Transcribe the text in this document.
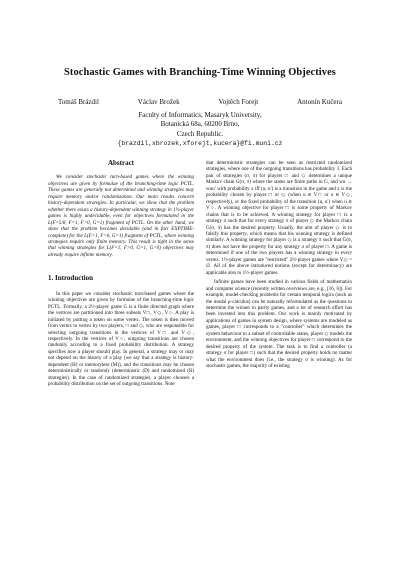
Stochastic Games with Branching-Time Winning Objectives
Tomáš Brázdil	Václav Brožek	Vojtěch Forejt	Antonín Kučera
Faculty of Informatics, Masaryk University,
Botanická 68a, 60200 Brno,
Czech Republic.
{brazdil,xbrozek,xforejt,kucera}@fi.muni.cz

Abstract

We consider stochastic turn-based games where the winning objectives are given by formulae of the branching-time logic PCTL. These games are generally not determined and winning strategies may require memory and/or randomization. Our main results concern history-dependent strategies. In particular, we show that the problem whether there exists a history-dependent winning strategy in 1½-player games is highly undecidable, even for objectives formulated in the L(F=5/8, F=1, F>0, G=1) fragment of PCTL. On the other hand, we show that the problem becomes decidable (and in fact EXPTIME-complete) for the L(F=1, F>0, G=1) fragment of PCTL, where winning strategies require only finite memory. This result is tight in the sense that winning strategies for L(F=1, F>0, G=1, G>0) objectives may already require infinite memory.

1. Introduction

In this paper we consider stochastic turn-based games where the winning objectives are given by formulae of the branching-time logic PCTL. Formally, a 2½-player game G is a finite directed graph where the vertices are partitioned into three subsets V□, V◇, V○. A play is initiated by putting a token on some vertex. The token is then moved from vertex to vertex by two players, □ and ◇, who are responsible for selecting outgoing transitions in the vertices of V□ and V◇, respectively. In the vertices of V○, outgoing transitions are chosen randomly according to a fixed probability distribution. A strategy specifies how a player should play. In general, a strategy may or may not depend on the history of a play (we say that a strategy is history-dependent (H) or memoryless (M)), and the transitions may be chosen deterministically or randomly (deterministic (D) and randomized (R) strategies). In the case of randomized strategies, a player chooses a probability distribution on the set of outgoing transitions. Note

that deterministic strategies can be seen as restricted randomized strategies, where one of the outgoing transitions has probability 1. Each pair of strategies (σ, π) for players □ and ◇ determines a unique Markov chain G(σ, π) where the states are finite paths in G, and wu → wuu′ with probability x iff (u, u′) is a transition in the game and x is the probability chosen by player □ or ◇ (when u ∈ V□ or u ∈ V◇, respectively), or the fixed probability of the transition (u, u′) when u ∈ V○. A winning objective for player □ is some property of Markov chains that is to be achieved. A winning strategy for player □ is a strategy σ such that for every strategy π of player ◇ the Markov chain G(σ, π) has the desired property. Usually, the aim of player ◇ is to falsify this property, which means that his winning strategy is defined similarly. A winning strategy for player ◇ is a strategy π such that G(σ, π) does not have the property for any strategy σ of player □. A game is determined if one of the two players has a winning strategy in every vertex. 1½-player games are "restricted" 2½-player games where V◇ = ∅. All of the above introduced notions (except for determinacy) are applicable also to 1½-player games.

Infinite games have been studied in various fields of mathematics and computer science (recently written overviews are, e.g., [16, 6]). For example, model-checking problems for certain temporal logics (such as the modal μ-calculus) can be naturally reformulated as the questions to determine the winner in parity games, and a lot of research effort has been invested into this problem. Our work is mainly motivated by applications of games in system design, where systems are modeled as games, player □ corresponds to a "controller" which determines the system behaviour in a subset of controllable states, player ◇ models the environment, and the winning objectives for player □ correspond to the desired property of the system. The task is to find a controller (a strategy σ for player □) such that the desired property holds no matter what the environment does (i.e., the strategy σ is winning). As for stochastic games, the majority of existing
